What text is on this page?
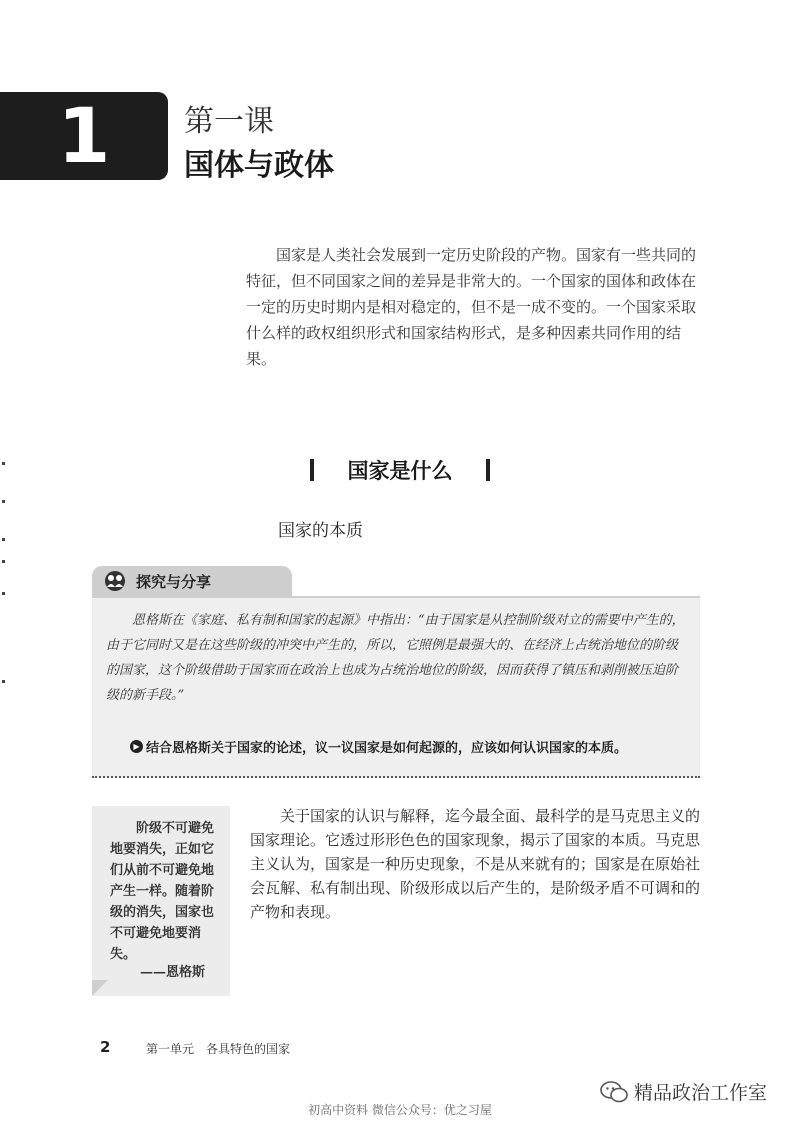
1 第一课
国体与政体

国家是人类社会发展到一定历史阶段的产物。国家有一些共同的特征，但不同国家之间的差异是非常大的。一个国家的国体和政体在一定的历史时期内是相对稳定的，但不是一成不变的。一个国家采取什么样的政权组织形式和国家结构形式，是多种因素共同作用的结果。

国家是什么
国家的本质
探究与分享

恩格斯在《家庭、私有制和国家的起源》中指出：“由于国家是从控制阶级对立的需要中产生的，由于它同时又是在这些阶级的冲突中产生的，所以，它照例是最强大的、在经济上占统治地位的阶级的国家，这个阶级借助于国家而在政治上也成为占统治地位的阶级，因而获得了镇压和剥削被压迫阶级的新手段。”

▶ 结合恩格斯关于国家的论述，议一议国家是如何起源的，应该如何认识国家的本质。

阶级不可避免地要消失，正如它们从前不可避免地产生一样。随着阶级的消失，国家也不可避免地要消失。

——恩格斯

关于国家的认识与解释，迄今最全面、最科学的是马克思主义的国家理论。它透过形形色色的国家现象，揭示了国家的本质。马克思主义认为，国家是一种历史现象，不是从来就有的；国家是在原始社会瓦解、私有制出现、阶级形成以后产生的，是阶级矛盾不可调和的产物和表现。

2	第一单元　各具特色的国家
精品政治工作室
初高中资料 微信公众号：优之习屋
